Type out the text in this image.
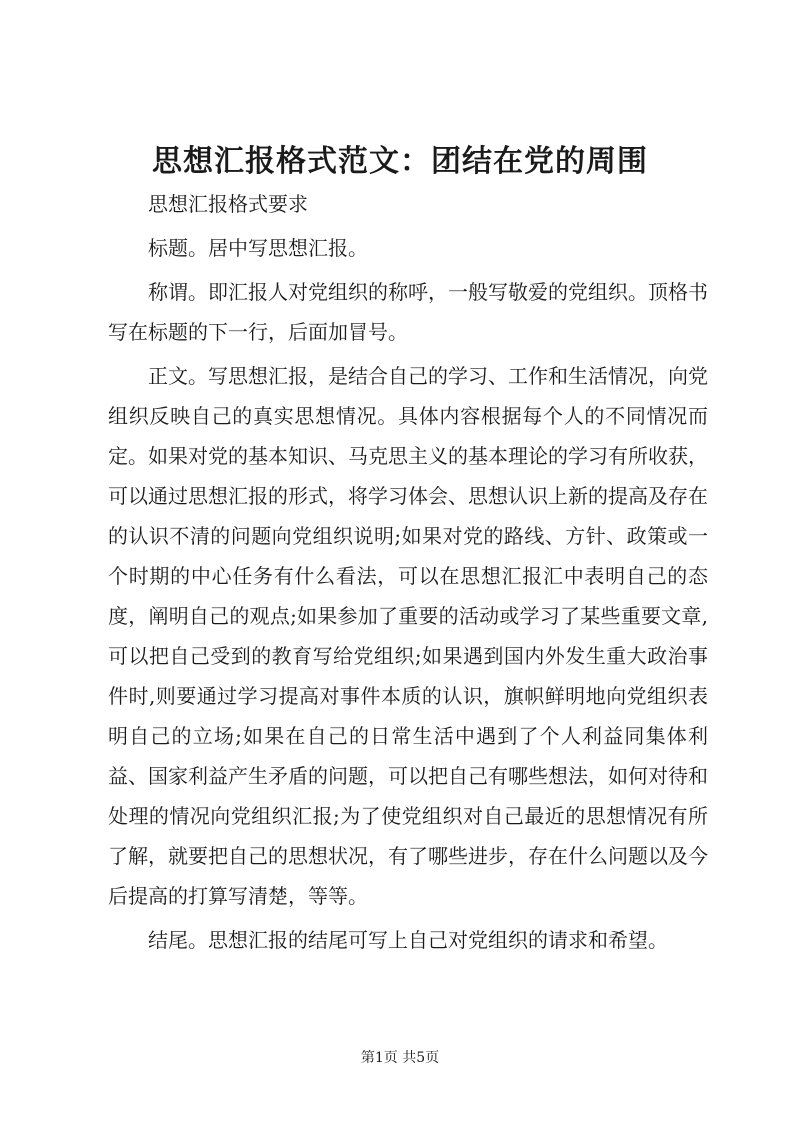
思想汇报格式范文：团结在党的周围

思想汇报格式要求

标题。居中写思想汇报。

称谓。即汇报人对党组织的称呼，一般写敬爱的党组织。顶格书写在标题的下一行，后面加冒号。

正文。写思想汇报，是结合自己的学习、工作和生活情况，向党组织反映自己的真实思想情况。具体内容根据每个人的不同情况而定。如果对党的基本知识、马克思主义的基本理论的学习有所收获，可以通过思想汇报的形式，将学习体会、思想认识上新的提高及存在的认识不清的问题向党组织说明;如果对党的路线、方针、政策或一个时期的中心任务有什么看法，可以在思想汇报汇中表明自己的态度，阐明自己的观点;如果参加了重要的活动或学习了某些重要文章,可以把自己受到的教育写给党组织;如果遇到国内外发生重大政治事件时,则要通过学习提高对事件本质的认识，旗帜鲜明地向党组织表明自己的立场;如果在自己的日常生活中遇到了个人利益同集体利益、国家利益产生矛盾的问题，可以把自己有哪些想法，如何对待和处理的情况向党组织汇报;为了使党组织对自己最近的思想情况有所了解，就要把自己的思想状况，有了哪些进步，存在什么问题以及今后提高的打算写清楚，等等。

结尾。思想汇报的结尾可写上自己对党组织的请求和希望。

第1页 共5页
